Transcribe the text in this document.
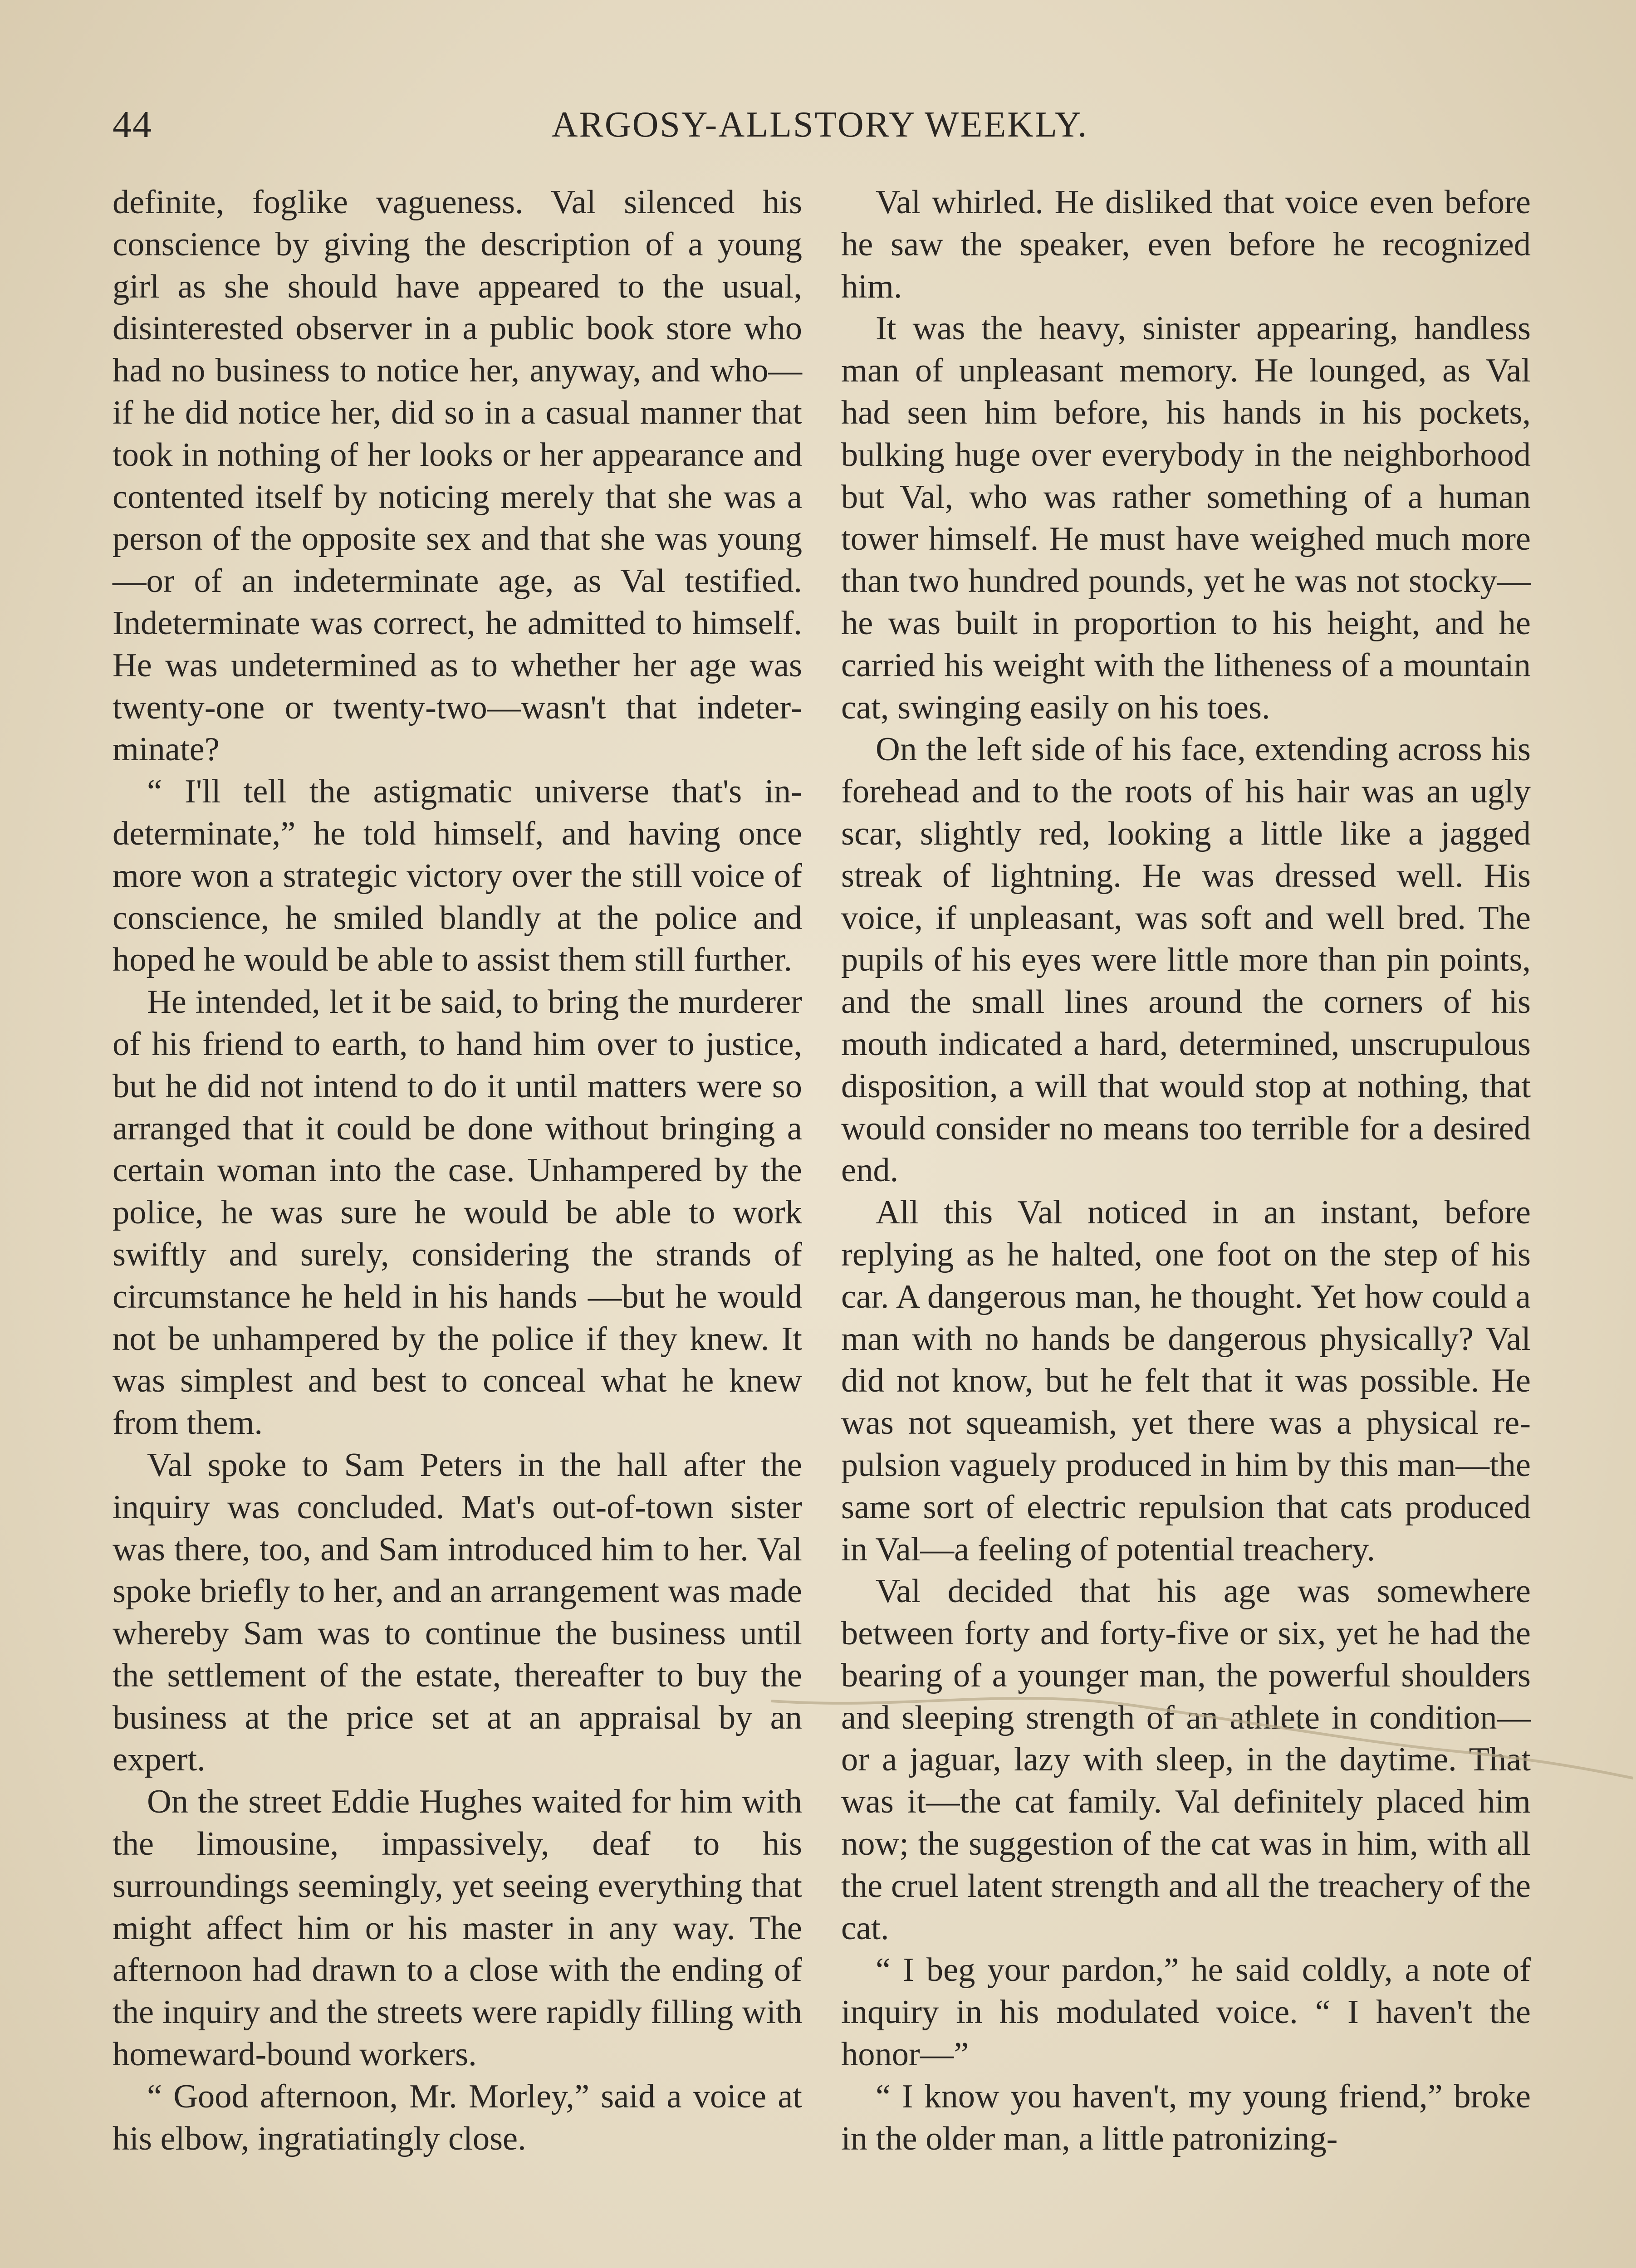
44	ARGOSY-ALLSTORY WEEKLY.

definite, foglike vagueness. Val silenced his conscience by giving the description of a young girl as she should have appeared to the usual, disinterested observer in a public book store who had no business to notice her, anyway, and who—if he did notice her, did so in a casual manner that took in nothing of her looks or her appearance and contented itself by noticing merely that she was a person of the opposite sex and that she was young—or of an indeterminate age, as Val testified. Indeterminate was correct, he admitted to himself. He was undetermined as to whether her age was twenty-one or twenty-two—wasn't that indeterminate?

“ I'll tell the astigmatic universe that's indeterminate,” he told himself, and having once more won a strategic victory over the still voice of conscience, he smiled blandly at the police and hoped he would be able to assist them still further.

He intended, let it be said, to bring the murderer of his friend to earth, to hand him over to justice, but he did not intend to do it until matters were so arranged that it could be done without bringing a certain woman into the case. Unhampered by the police, he was sure he would be able to work swiftly and surely, considering the strands of circumstance he held in his hands —but he would not be unhampered by the police if they knew. It was simplest and best to conceal what he knew from them.

Val spoke to Sam Peters in the hall after the inquiry was concluded. Mat's out-of-town sister was there, too, and Sam introduced him to her. Val spoke briefly to her, and an arrangement was made whereby Sam was to continue the business until the settlement of the estate, thereafter to buy the business at the price set at an appraisal by an expert.

On the street Eddie Hughes waited for him with the limousine, impassively, deaf to his surroundings seemingly, yet seeing everything that might affect him or his master in any way. The afternoon had drawn to a close with the ending of the inquiry and the streets were rapidly filling with homeward-bound workers.

“ Good afternoon, Mr. Morley,” said a voice at his elbow, ingratiatingly close.

Val whirled. He disliked that voice even before he saw the speaker, even before he recognized him.

It was the heavy, sinister appearing, handless man of unpleasant memory. He lounged, as Val had seen him before, his hands in his pockets, bulking huge over everybody in the neighborhood but Val, who was rather something of a human tower himself. He must have weighed much more than two hundred pounds, yet he was not stocky—he was built in proportion to his height, and he carried his weight with the litheness of a mountain cat, swinging easily on his toes.

On the left side of his face, extending across his forehead and to the roots of his hair was an ugly scar, slightly red, looking a little like a jagged streak of lightning. He was dressed well. His voice, if unpleasant, was soft and well bred. The pupils of his eyes were little more than pin points, and the small lines around the corners of his mouth indicated a hard, determined, unscrupulous disposition, a will that would stop at nothing, that would consider no means too terrible for a desired end.

All this Val noticed in an instant, before replying as he halted, one foot on the step of his car. A dangerous man, he thought. Yet how could a man with no hands be dangerous physically? Val did not know, but he felt that it was possible. He was not squeamish, yet there was a physical repulsion vaguely produced in him by this man—the same sort of electric repulsion that cats produced in Val—a feeling of potential treachery.

Val decided that his age was somewhere between forty and forty-five or six, yet he had the bearing of a younger man, the powerful shoulders and sleeping strength of an athlete in condition—or a jaguar, lazy with sleep, in the daytime. That was it—the cat family. Val definitely placed him now; the suggestion of the cat was in him, with all the cruel latent strength and all the treachery of the cat.

“ I beg your pardon,” he said coldly, a note of inquiry in his modulated voice. “ I haven't the honor—”

“ I know you haven't, my young friend,” broke in the older man, a little patronizing-
